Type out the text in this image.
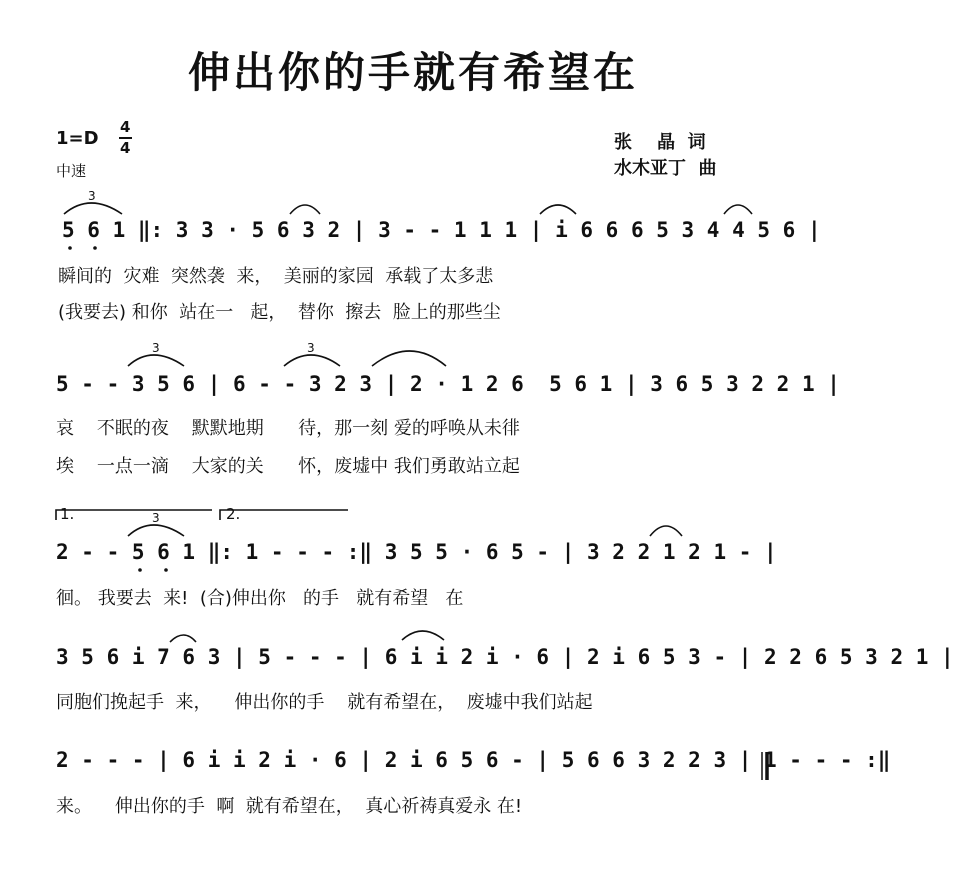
伸出你的手就有希望在
1=D
4
4
中速
张    晶  词
水木亚丁  曲
5 6 1 ‖: 3 3 · 5 6 3 2 | 3 - - 1 1 1 | i 6 6 6 5 3 4 4 5 6 |
瞬间的  灾难  突然袭  来，  美丽的家园  承载了太多悲
(我要去) 和你  站在一   起，  替你  擦去  脸上的那些尘
5 - - 3 5 6 | 6 - - 3 2 3 | 2 · 1 2 6  5 6 1 | 3 6 5 3 2 2 1 |
哀    不眠的夜    默默地期      待，那一刻 爱的呼唤从未徘
埃    一点一滴    大家的关      怀，废墟中 我们勇敢站立起
1.	2.
2 - - 5 6 1 ‖: 1 - - - :‖ 3 5 5 · 6 5 - | 3 2 2 1 2 1 - |
徊。 我要去  来!  (合)伸出你   的手   就有希望   在
3 5 6 i 7 6 3 | 5 - - - | 6 i i 2 i · 6 | 2 i 6 5 3 - | 2 2 6 5 3 2 1 |
同胞们挽起手  来，    伸出你的手    就有希望在，  废墟中我们站起
2 - - - | 6 i i 2 i · 6 | 2 i 6 5 6 - | 5 6 6 3 2 2 3 | 1 - - - :‖
来。    伸出你的手  啊  就有希望在，  真心祈祷真爱永 在!
3
3	3
3
